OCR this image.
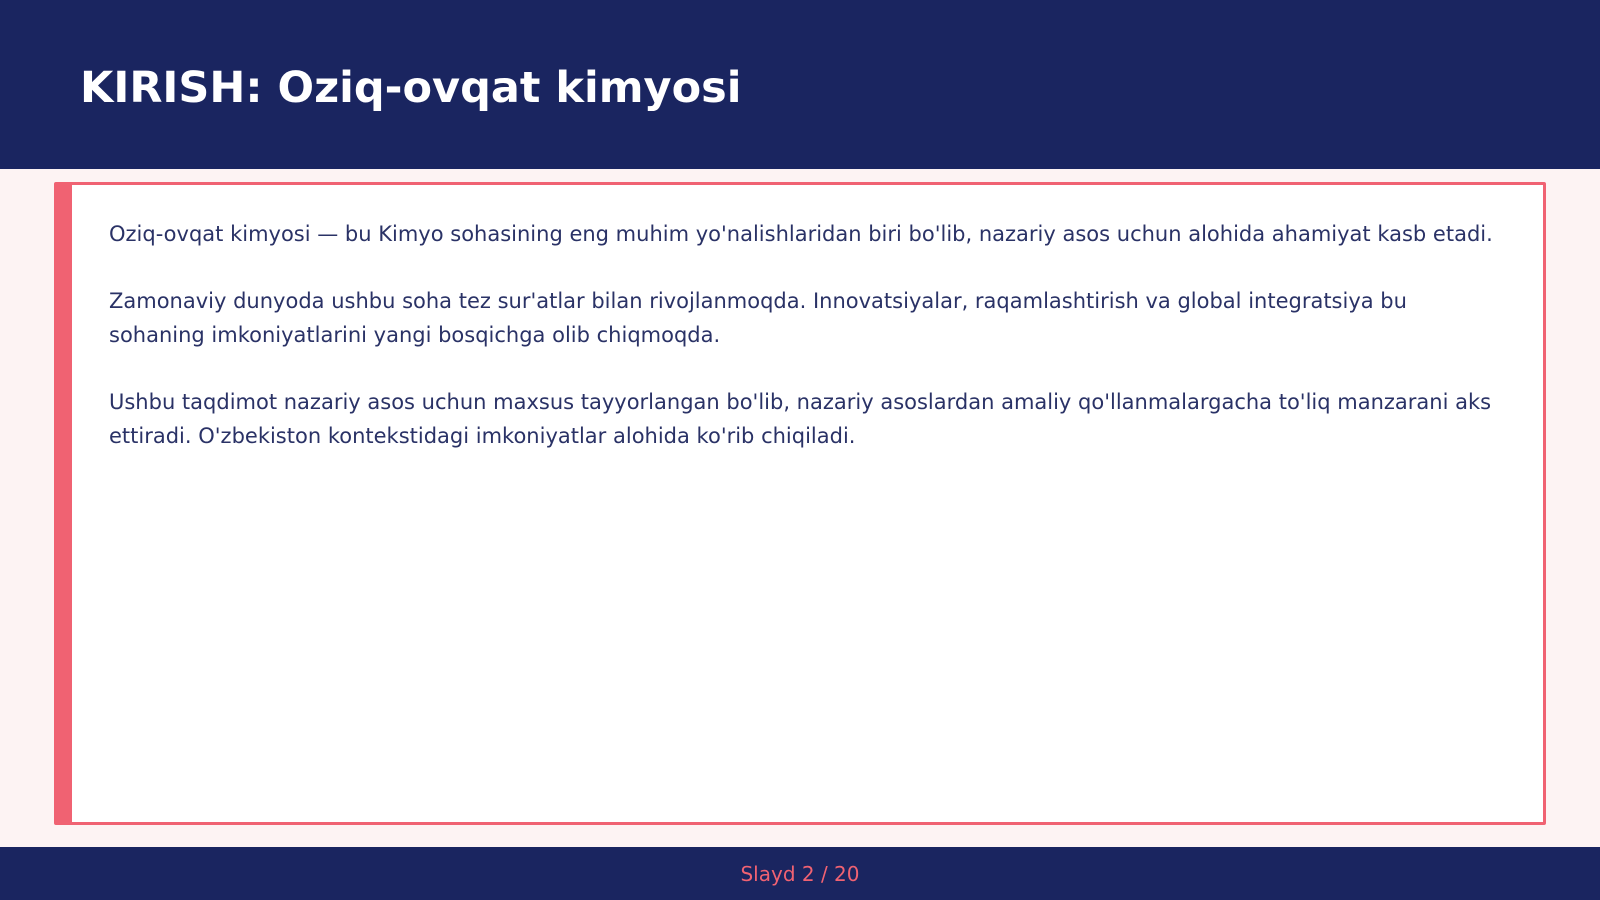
KIRISH: Oziq-ovqat kimyosi

Oziq-ovqat kimyosi — bu Kimyo sohasining eng muhim yo'nalishlaridan biri bo'lib, nazariy asos uchun alohida ahamiyat kasb etadi.

Zamonaviy dunyoda ushbu soha tez sur'atlar bilan rivojlanmoqda. Innovatsiyalar, raqamlashtirish va global integratsiya bu sohaning imkoniyatlarini yangi bosqichga olib chiqmoqda.

Ushbu taqdimot nazariy asos uchun maxsus tayyorlangan bo'lib, nazariy asoslardan amaliy qo'llanmalargacha to'liq manzarani aks ettiradi. O'zbekiston kontekstidagi imkoniyatlar alohida ko'rib chiqiladi.

Slayd 2 / 20
